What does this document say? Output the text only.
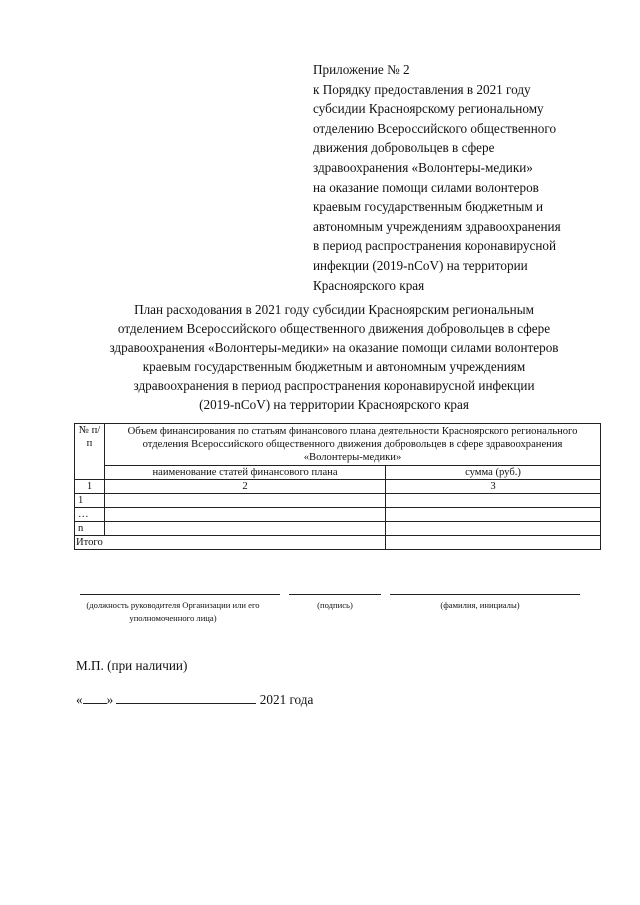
Приложение № 2
к Порядку предоставления в 2021 году
субсидии Красноярскому региональному
отделению Всероссийского общественного
движения добровольцев в сфере
здравоохранения «Волонтеры-медики»
на оказание помощи силами волонтеров
краевым государственным бюджетным и
автономным учреждениям здравоохранения
в период распространения коронавирусной
инфекции (2019-nCoV) на территории
Красноярского края
План расходования в 2021 году субсидии Красноярским региональным
отделением Всероссийского общественного движения добровольцев в сфере
здравоохранения «Волонтеры-медики» на оказание помощи силами волонтеров
краевым государственным бюджетным и автономным учреждениям
здравоохранения в период распространения коронавирусной инфекции
(2019-nCoV) на территории Красноярского края
№ п/п	Объем финансирования по статьям финансового плана деятельности Красноярского регионального отделения Всероссийского общественного движения добровольцев в сфере здравоохранения «Волонтеры-медики»	
	наименование статей финансового плана	сумма (руб.)
1	2	3
1		
…		
n		
Итого		
(должность руководителя Организации или его уполномоченного лица)
(подпись)	(фамилия, инициалы)
М.П. (при наличии)
« »	2021 года
